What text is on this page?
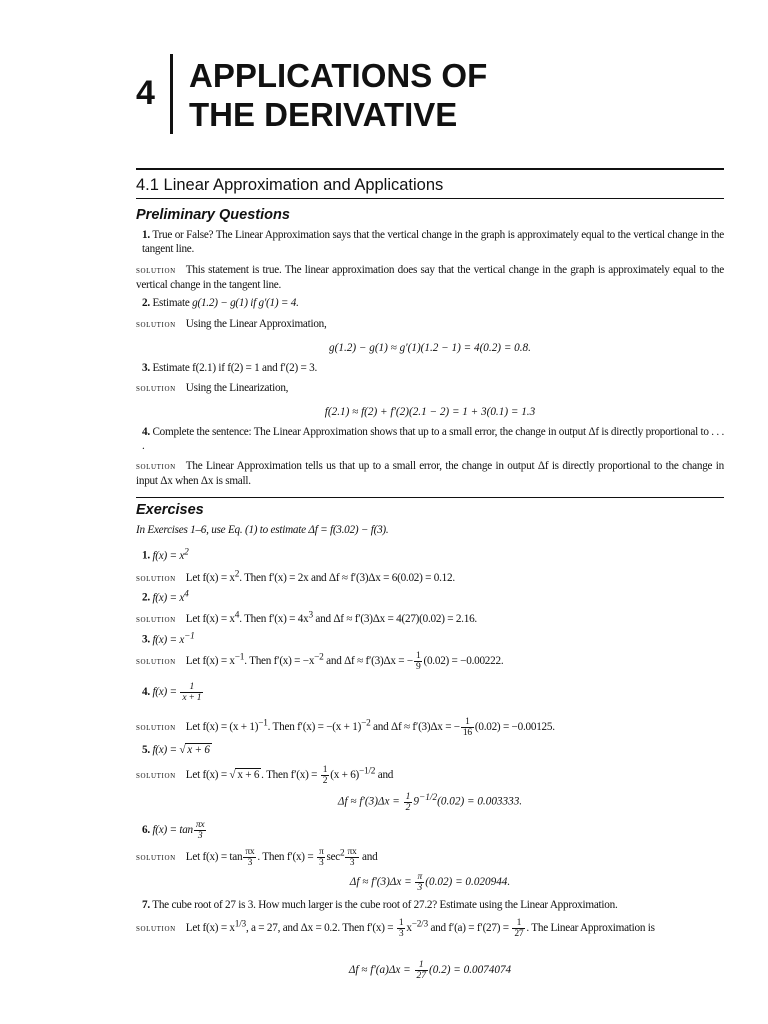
4 APPLICATIONS OF
THE DERIVATIVE
4.1 Linear Approximation and Applications
Preliminary Questions
1. True or False? The Linear Approximation says that the vertical change in the graph is approximately equal to the vertical change in the tangent line.
solution This statement is true. The linear approximation does say that the vertical change in the graph is approximately equal to the vertical change in the tangent line.
2. Estimate g(1.2) − g(1) if g′(1) = 4.
solution Using the Linear Approximation,
g(1.2) − g(1) ≈ g′(1)(1.2 − 1) = 4(0.2) = 0.8.
3. Estimate f(2.1) if f(2) = 1 and f′(2) = 3.
solution Using the Linearization,
f(2.1) ≈ f(2) + f′(2)(2.1 − 2) = 1 + 3(0.1) = 1.3
4. Complete the sentence: The Linear Approximation shows that up to a small error, the change in output Δf is directly proportional to . . . .
solution The Linear Approximation tells us that up to a small error, the change in output Δf is directly proportional to the change in input Δx when Δx is small.
Exercises
In Exercises 1–6, use Eq. (1) to estimate Δf = f(3.02) − f(3).
1. $f(x) = x^2$
solution Let $f(x) = x^2$. Then f′(x) = 2x and Δf ≈ f′(3)Δx = 6(0.02) = 0.12.
2. $f(x) = x^4$
solution Let $f(x) = x^4$. Then $f'(x) = 4x^3$ and Δf ≈ f′(3)Δx = 4(27)(0.02) = 2.16.
3. $f(x) = x^{-1}$
solution Let $f(x) = x^{-1}$. Then $f'(x) = -x^{-2}$ and Δf ≈ f′(3)Δx = − $\frac{1}{9} (0.02) = -0.00222$.
4. $f(x) = \frac{1}{x + 1}$
solution Let $f(x) = (x + 1)^{-1}$. Then $f'(x) = -(x + 1)^{-2}$ and Δf ≈ f′(3)Δx = − $\frac{1}{16} (0.02) = -0.00125$.
5. f(x) = √ x + 6
solution Let f(x) = √ x + 6 . Then $f'(x) = \frac{1}{2} (x + 6)^{-1/2}$ and
$\Delta f \approx f'(3)\Delta x = \frac{1}{2} 9^{-1/2}(0.02) = 0.003333$.
6. $f(x) = \tan \frac{\pi x}{3}$
solution Let $f(x) = \tan \frac{\pi x}{3}$ . Then $f'(x) = \frac{\pi}{3} \sec^2 \frac{\pi x}{3}$ and
$\Delta f \approx f'(3)\Delta x = \frac{\pi}{3} (0.02) = 0.020944$.
7. The cube root of 27 is 3. How much larger is the cube root of 27.2? Estimate using the Linear Approximation.
solution Let $f(x) = x^{1/3}$, a = 27, and Δx = 0.2. Then $f'(x) = \frac{1}{3} x^{-2/3}$ and $f'(a) = f'(27) = \frac{1}{27}$ . The Linear Approximation is
$\Delta f \approx f'(a)\Delta x = \frac{1}{27} (0.2) = 0.0074074$
